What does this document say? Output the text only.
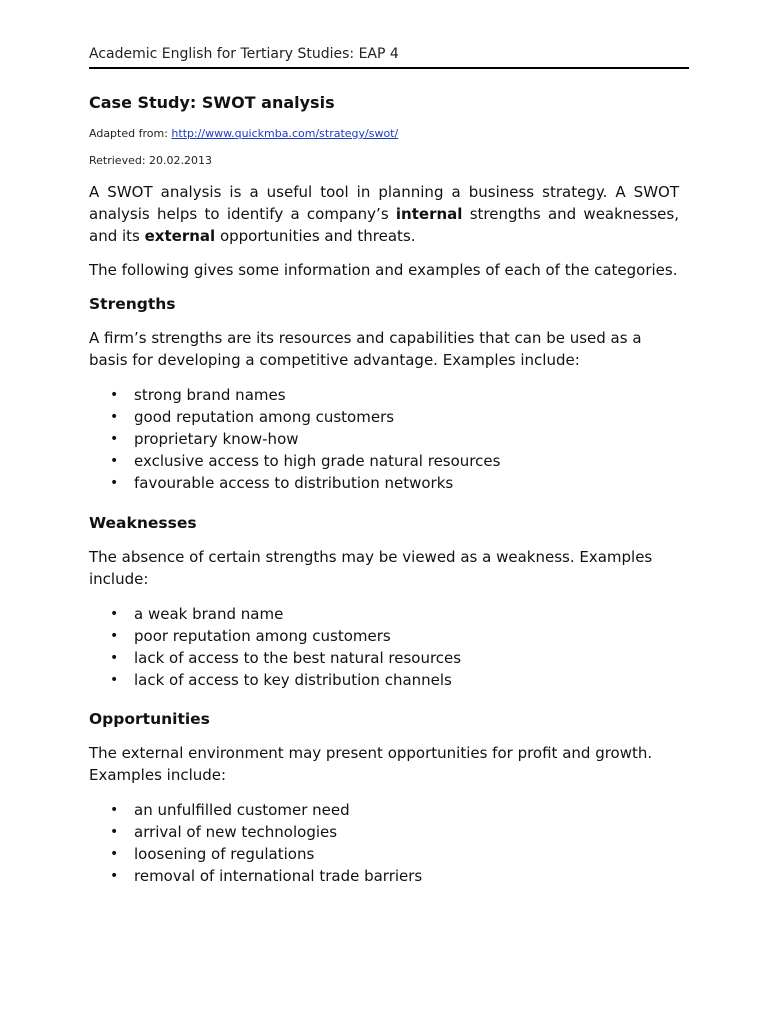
Academic English for Tertiary Studies: EAP 4
Case Study: SWOT analysis
Adapted from: http://www.quickmba.com/strategy/swot/
Retrieved: 20.02.2013

A SWOT analysis is a useful tool in planning a business strategy. A SWOT analysis helps to identify a company’s internal strengths and weaknesses, and its external opportunities and threats.

The following gives some information and examples of each of the categories.

Strengths

A firm’s strengths are its resources and capabilities that can be used as a basis for developing a competitive advantage. Examples include:

• strong brand names
• good reputation among customers
• proprietary know-how
• exclusive access to high grade natural resources
• favourable access to distribution networks
Weaknesses

The absence of certain strengths may be viewed as a weakness. Examples include:

• a weak brand name
• poor reputation among customers
• lack of access to the best natural resources
• lack of access to key distribution channels
Opportunities

The external environment may present opportunities for profit and growth. Examples include:

• an unfulfilled customer need
• arrival of new technologies
• loosening of regulations
• removal of international trade barriers
